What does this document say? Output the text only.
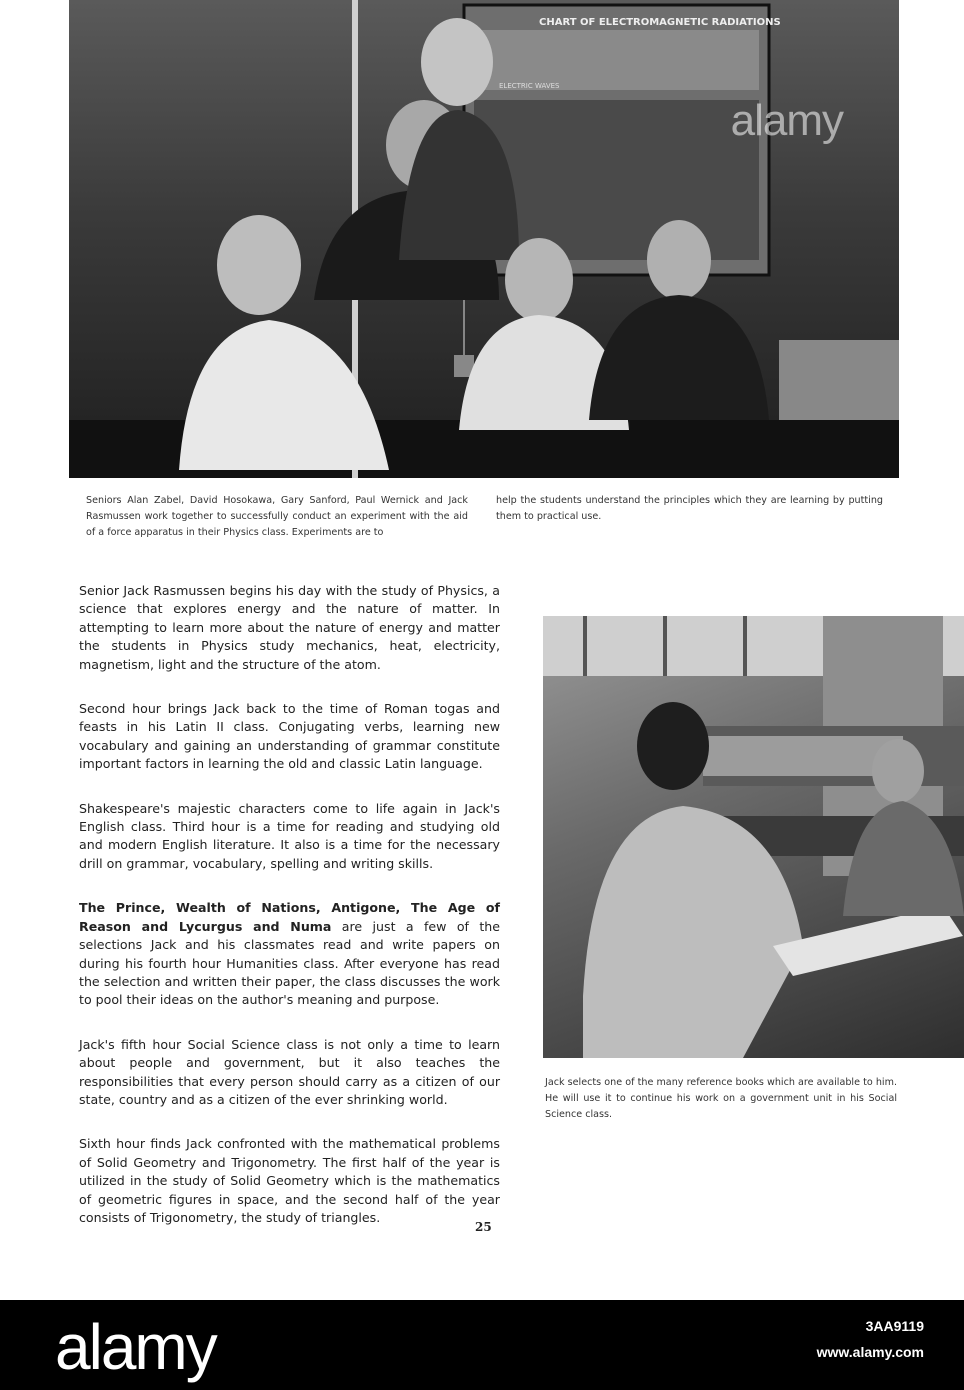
CHART OF ELECTROMAGNETIC RADIATIONS
ELECTRIC WAVES
alamy
Seniors Alan Zabel, David Hosokawa, Gary Sanford, Paul Wernick and Jack Rasmussen work together to successfully conduct an experiment with the aid of a force apparatus in their Physics class. Experiments are to
help the students understand the principles which they are learning by putting them to practical use.

Senior Jack Rasmussen begins his day with the study of Physics, a science that explores energy and the nature of matter. In attempting to learn more about the nature of energy and matter the students in Physics study mechanics, heat, electricity, magnetism, light and the structure of the atom.

Second hour brings Jack back to the time of Roman togas and feasts in his Latin II class. Conjugating verbs, learning new vocabulary and gaining an understanding of grammar constitute important factors in learning the old and classic Latin language.

Shakespeare's majestic characters come to life again in Jack's English class. Third hour is a time for reading and studying old and modern English literature. It also is a time for the necessary drill on grammar, vocabulary, spelling and writing skills.

The Prince, Wealth of Nations, Antigone, The Age of Reason and Lycurgus and Numa are just a few of the selections Jack and his classmates read and write papers on during his fourth hour Humanities class. After everyone has read the selection and written their paper, the class discusses the work to pool their ideas on the author's meaning and purpose.

Jack's fifth hour Social Science class is not only a time to learn about people and government, but it also teaches the responsibilities that every person should carry as a citizen of our state, country and as a citizen of the ever shrinking world.

Sixth hour finds Jack confronted with the mathematical problems of Solid Geometry and Trigonometry. The first half of the year is utilized in the study of Solid Geometry which is the mathematics of geometric figures in space, and the second half of the year consists of Trigonometry, the study of triangles.

Jack selects one of the many reference books which are available to him. He will use it to continue his work on a government unit in his Social Science class.
25
alamy	3AA9119
www.alamy.com
